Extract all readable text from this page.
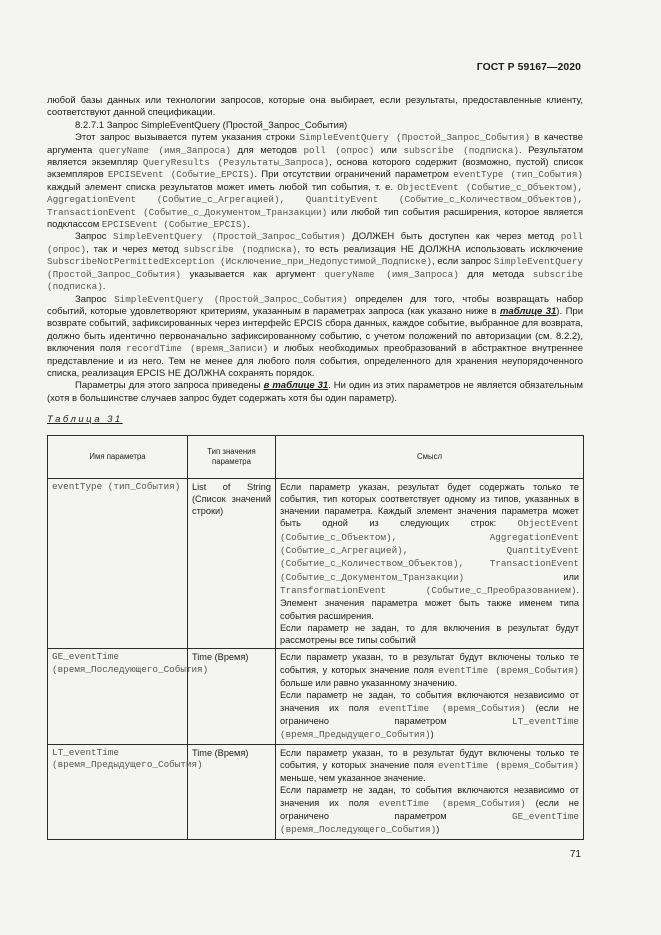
ГОСТ Р 59167—2020

любой базы данных или технологии запросов, которые она выбирает, если результаты, предоставленные клиенту, соответствуют данной спецификации.

8.2.7.1 Запрос SimpleEventQuery (Простой_Запрос_События)

Этот запрос вызывается путем указания строки SimpleEventQuery (Простой_Запрос_События) в качестве аргумента queryName (имя_Запроса) для методов poll (опрос) или subscribe (подписка). Результатом является экземпляр QueryResults (Результаты_Запроса), основа которого содержит (возможно, пустой) список экземпляров EPCISEvent (Событие_EPCIS). При отсутствии ограничений параметром eventType (тип_События) каждый элемент списка результатов может иметь любой тип события, т. е. ObjectEvent (Событие_с_Объектом), AggregationEvent (Событие_с_Агрегацией), QuantityEvent (Событие_с_Количеством_Объектов), TransactionEvent (Событие_с_Документом_Транзакции) или любой тип события расширения, которое является подклассом EPCISEvent (Событие_EPCIS).

Запрос SimpleEventQuery (Простой_Запрос_События) ДОЛЖЕН быть доступен как через метод poll (опрос), так и через метод subscribe (подписка), то есть реализация НЕ ДОЛЖНА использовать исключение SubscribeNotPermittedException (Исключение_при_Недопустимой_Подписке), если запрос SimpleEventQuery (Простой_Запрос_События) указывается как аргумент queryName (имя_Запроса) для метода subscribe (подписка).

Запрос SimpleEventQuery (Простой_Запрос_События) определен для того, чтобы возвращать набор событий, которые удовлетворяют критериям, указанным в параметрах запроса (как указано ниже в таблице 31). При возврате событий, зафиксированных через интерфейс EPCIS сбора данных, каждое событие, выбранное для возврата, должно быть идентично первоначально зафиксированному событию, с учетом положений по авторизации (см. 8.2.2), включения поля recordTime (время_Записи) и любых необходимых преобразований в абстрактное внутреннее представление и из него. Тем не менее для любого поля события, определенного для хранения неупорядоченного списка, реализация EPCIS НЕ ДОЛЖНА сохранять порядок.

Параметры для этого запроса приведены в таблице 31. Ни один из этих параметров не является обязательным (хотя в большинстве случаев запрос будет содержать хотя бы один параметр).

Таблица 31
Имя параметра	Тип значения параметра	Смысл
eventType (тип_События)	List of String (Список значений строки)	Если параметр указан, результат будет содержать только те события, тип которых соответствует одному из типов, указанных в значении параметра. Каждый элемент значения параметра может быть одной из следующих строк: ObjectEvent (Событие_с_Объектом), AggregationEvent (Событие_с_Агрегацией), QuantityEvent (Событие_с_Количеством_Объектов), TransactionEvent (Событие_с_Документом_Транзакции) или TransformationEvent (Событие_с_Преобразованием). Элемент значения параметра может быть также именем типа события расширения.
Если параметр не задан, то для включения в результат будут рассмотрены все типы событий
GE_eventTime (время_Последующего_События)	Time (Время)	Если параметр указан, то в результат будут включены только те события, у которых значение поля eventTime (время_События) больше или равно указанному значению.
Если параметр не задан, то события включаются независимо от значения их поля eventTime (время_События) (если не ограничено параметром LT_eventTime (время_Предыдущего_События))
LT_eventTime (время_Предыдущего_События)	Time (Время)	Если параметр указан, то в результат будут включены только те события, у которых значение поля eventTime (время_События) меньше, чем указанное значение.
Если параметр не задан, то события включаются независимо от значения их поля eventTime (время_События) (если не ограничено параметром GE_eventTime (время_Последующего_События))
71
